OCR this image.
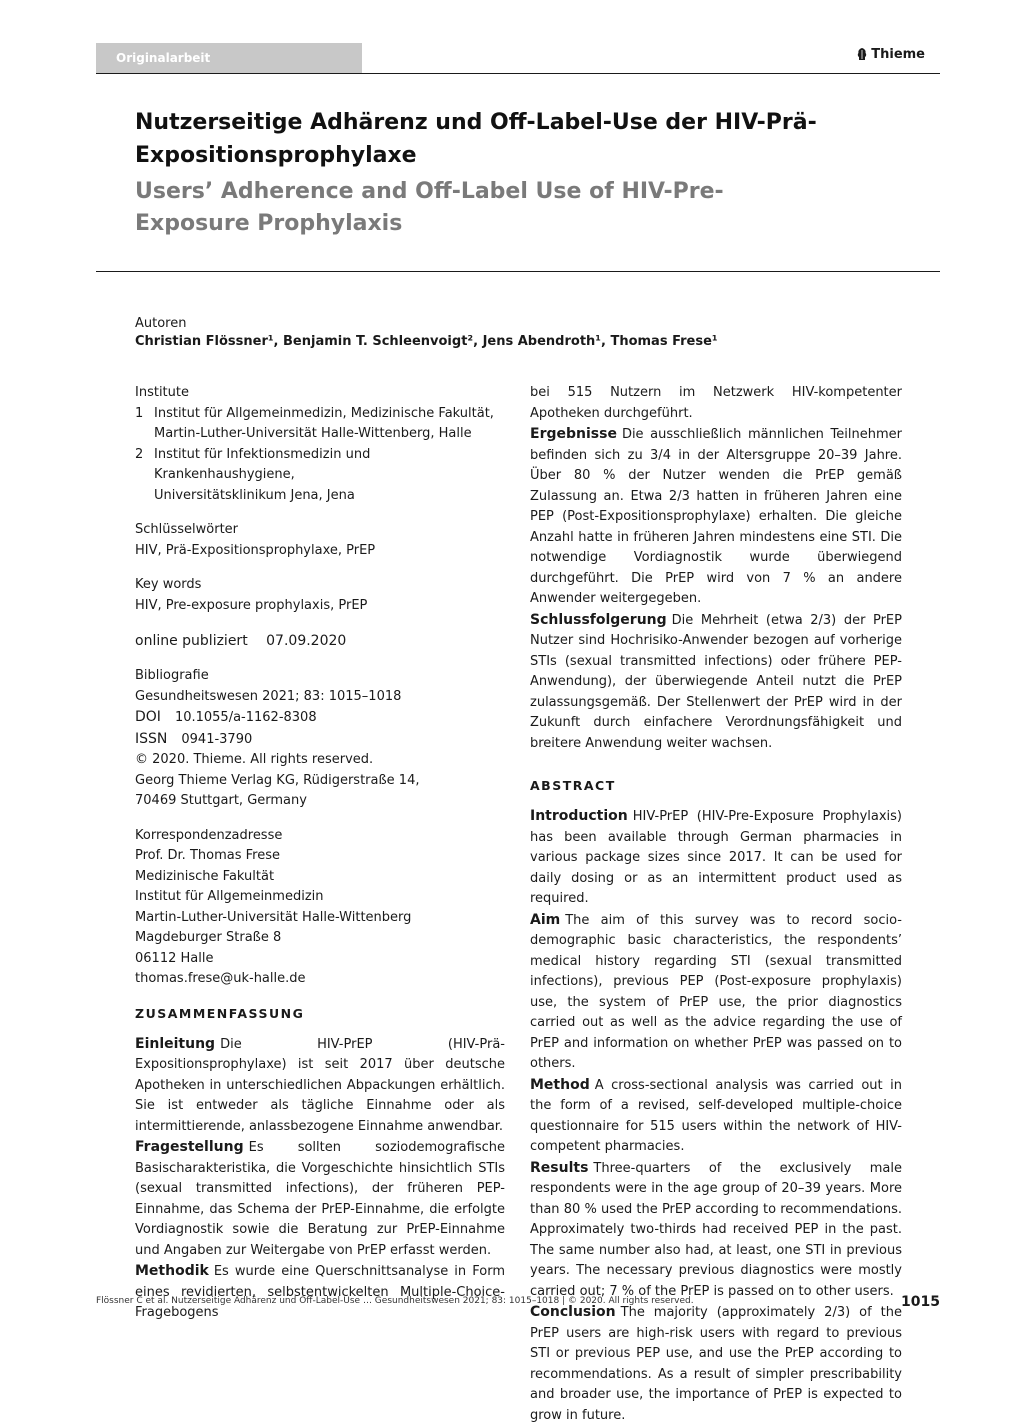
Originalarbeit	Thieme
Nutzerseitige Adhärenz und Off-Label-Use der HIV-Prä-Expositionsprophylaxe
Users’ Adherence and Off-Label Use of HIV-Pre-Exposure Prophylaxis
Autoren
Christian Flössner¹, Benjamin T. Schleenvoigt², Jens Abendroth¹, Thomas Frese¹
Institute
1 Institut für Allgemeinmedizin, Medizinische Fakultät,
Martin-Luther-Universität Halle-Wittenberg, Halle
2 Institut für Infektionsmedizin und Krankenhaushygiene,
Universitätsklinikum Jena, Jena
Schlüsselwörter
HIV, Prä-Expositionsprophylaxe, PrEP
Key words
HIV, Pre-exposure prophylaxis, PrEP
online publiziert 07.09.2020
Bibliografie
Gesundheitswesen 2021; 83: 1015–1018
DOI 10.1055/a-1162-8308
ISSN 0941-3790
© 2020. Thieme. All rights reserved.
Georg Thieme Verlag KG, Rüdigerstraße 14,
70469 Stuttgart, Germany
Korrespondenzadresse
Prof. Dr. Thomas Frese
Medizinische Fakultät
Institut für Allgemeinmedizin
Martin-Luther-Universität Halle-Wittenberg
Magdeburger Straße 8
06112 Halle
thomas.frese@uk-halle.de
ZUSAMMENFASSUNG
Einleitung Die HIV-PrEP (HIV-Prä-Expositionsprophylaxe) ist seit 2017 über deutsche Apotheken in unterschiedlichen Abpackungen erhältlich. Sie ist entweder als tägliche Einnahme oder als intermittierende, anlassbezogene Einnahme anwendbar.
Fragestellung Es sollten soziodemografische Basischarakteristika, die Vorgeschichte hinsichtlich STIs (sexual transmitted infections), der früheren PEP-Einnahme, das Schema der PrEP-Einnahme, die erfolgte Vordiagnostik sowie die Beratung zur PrEP-Einnahme und Angaben zur Weitergabe von PrEP erfasst werden.
Methodik Es wurde eine Querschnittsanalyse in Form eines revidierten, selbstentwickelten Multiple-Choice-Fragebogens
bei 515 Nutzern im Netzwerk HIV-kompetenter Apotheken durchgeführt.
Ergebnisse Die ausschließlich männlichen Teilnehmer befinden sich zu 3/4 in der Altersgruppe 20–39 Jahre. Über 80 % der Nutzer wenden die PrEP gemäß Zulassung an. Etwa 2/3 hatten in früheren Jahren eine PEP (Post-Expositionsprophylaxe) erhalten. Die gleiche Anzahl hatte in früheren Jahren mindestens eine STI. Die notwendige Vordiagnostik wurde überwiegend durchgeführt. Die PrEP wird von 7 % an andere Anwender weitergegeben.
Schlussfolgerung Die Mehrheit (etwa 2/3) der PrEP Nutzer sind Hochrisiko-Anwender bezogen auf vorherige STIs (sexual transmitted infections) oder frühere PEP-Anwendung), der überwiegende Anteil nutzt die PrEP zulassungsgemäß. Der Stellenwert der PrEP wird in der Zukunft durch einfachere Verordnungsfähigkeit und breitere Anwendung weiter wachsen.
ABSTRACT
Introduction HIV-PrEP (HIV-Pre-Exposure Prophylaxis) has been available through German pharmacies in various package sizes since 2017. It can be used for daily dosing or as an intermittent product used as required.
Aim The aim of this survey was to record socio-demographic basic characteristics, the respondents’ medical history regarding STI (sexual transmitted infections), previous PEP (Post-exposure prophylaxis) use, the system of PrEP use, the prior diagnostics carried out as well as the advice regarding the use of PrEP and information on whether PrEP was passed on to others.
Method A cross-sectional analysis was carried out in the form of a revised, self-developed multiple-choice questionnaire for 515 users within the network of HIV-competent pharmacies.
Results Three-quarters of the exclusively male respondents were in the age group of 20–39 years. More than 80 % used the PrEP according to recommendations. Approximately two-thirds had received PEP in the past. The same number also had, at least, one STI in previous years. The necessary previous diagnostics were mostly carried out; 7 % of the PrEP is passed on to other users.
Conclusion The majority (approximately 2/3) of the PrEP users are high-risk users with regard to previous STI or previous PEP use, and use the PrEP according to recommendations. As a result of simpler prescribability and broader use, the importance of PrEP is expected to grow in future.
Flössner C et al. Nutzerseitige Adhärenz und Off-Label-Use … Gesundheitswesen 2021; 83: 1015–1018 | © 2020. All rights reserved.	1015
